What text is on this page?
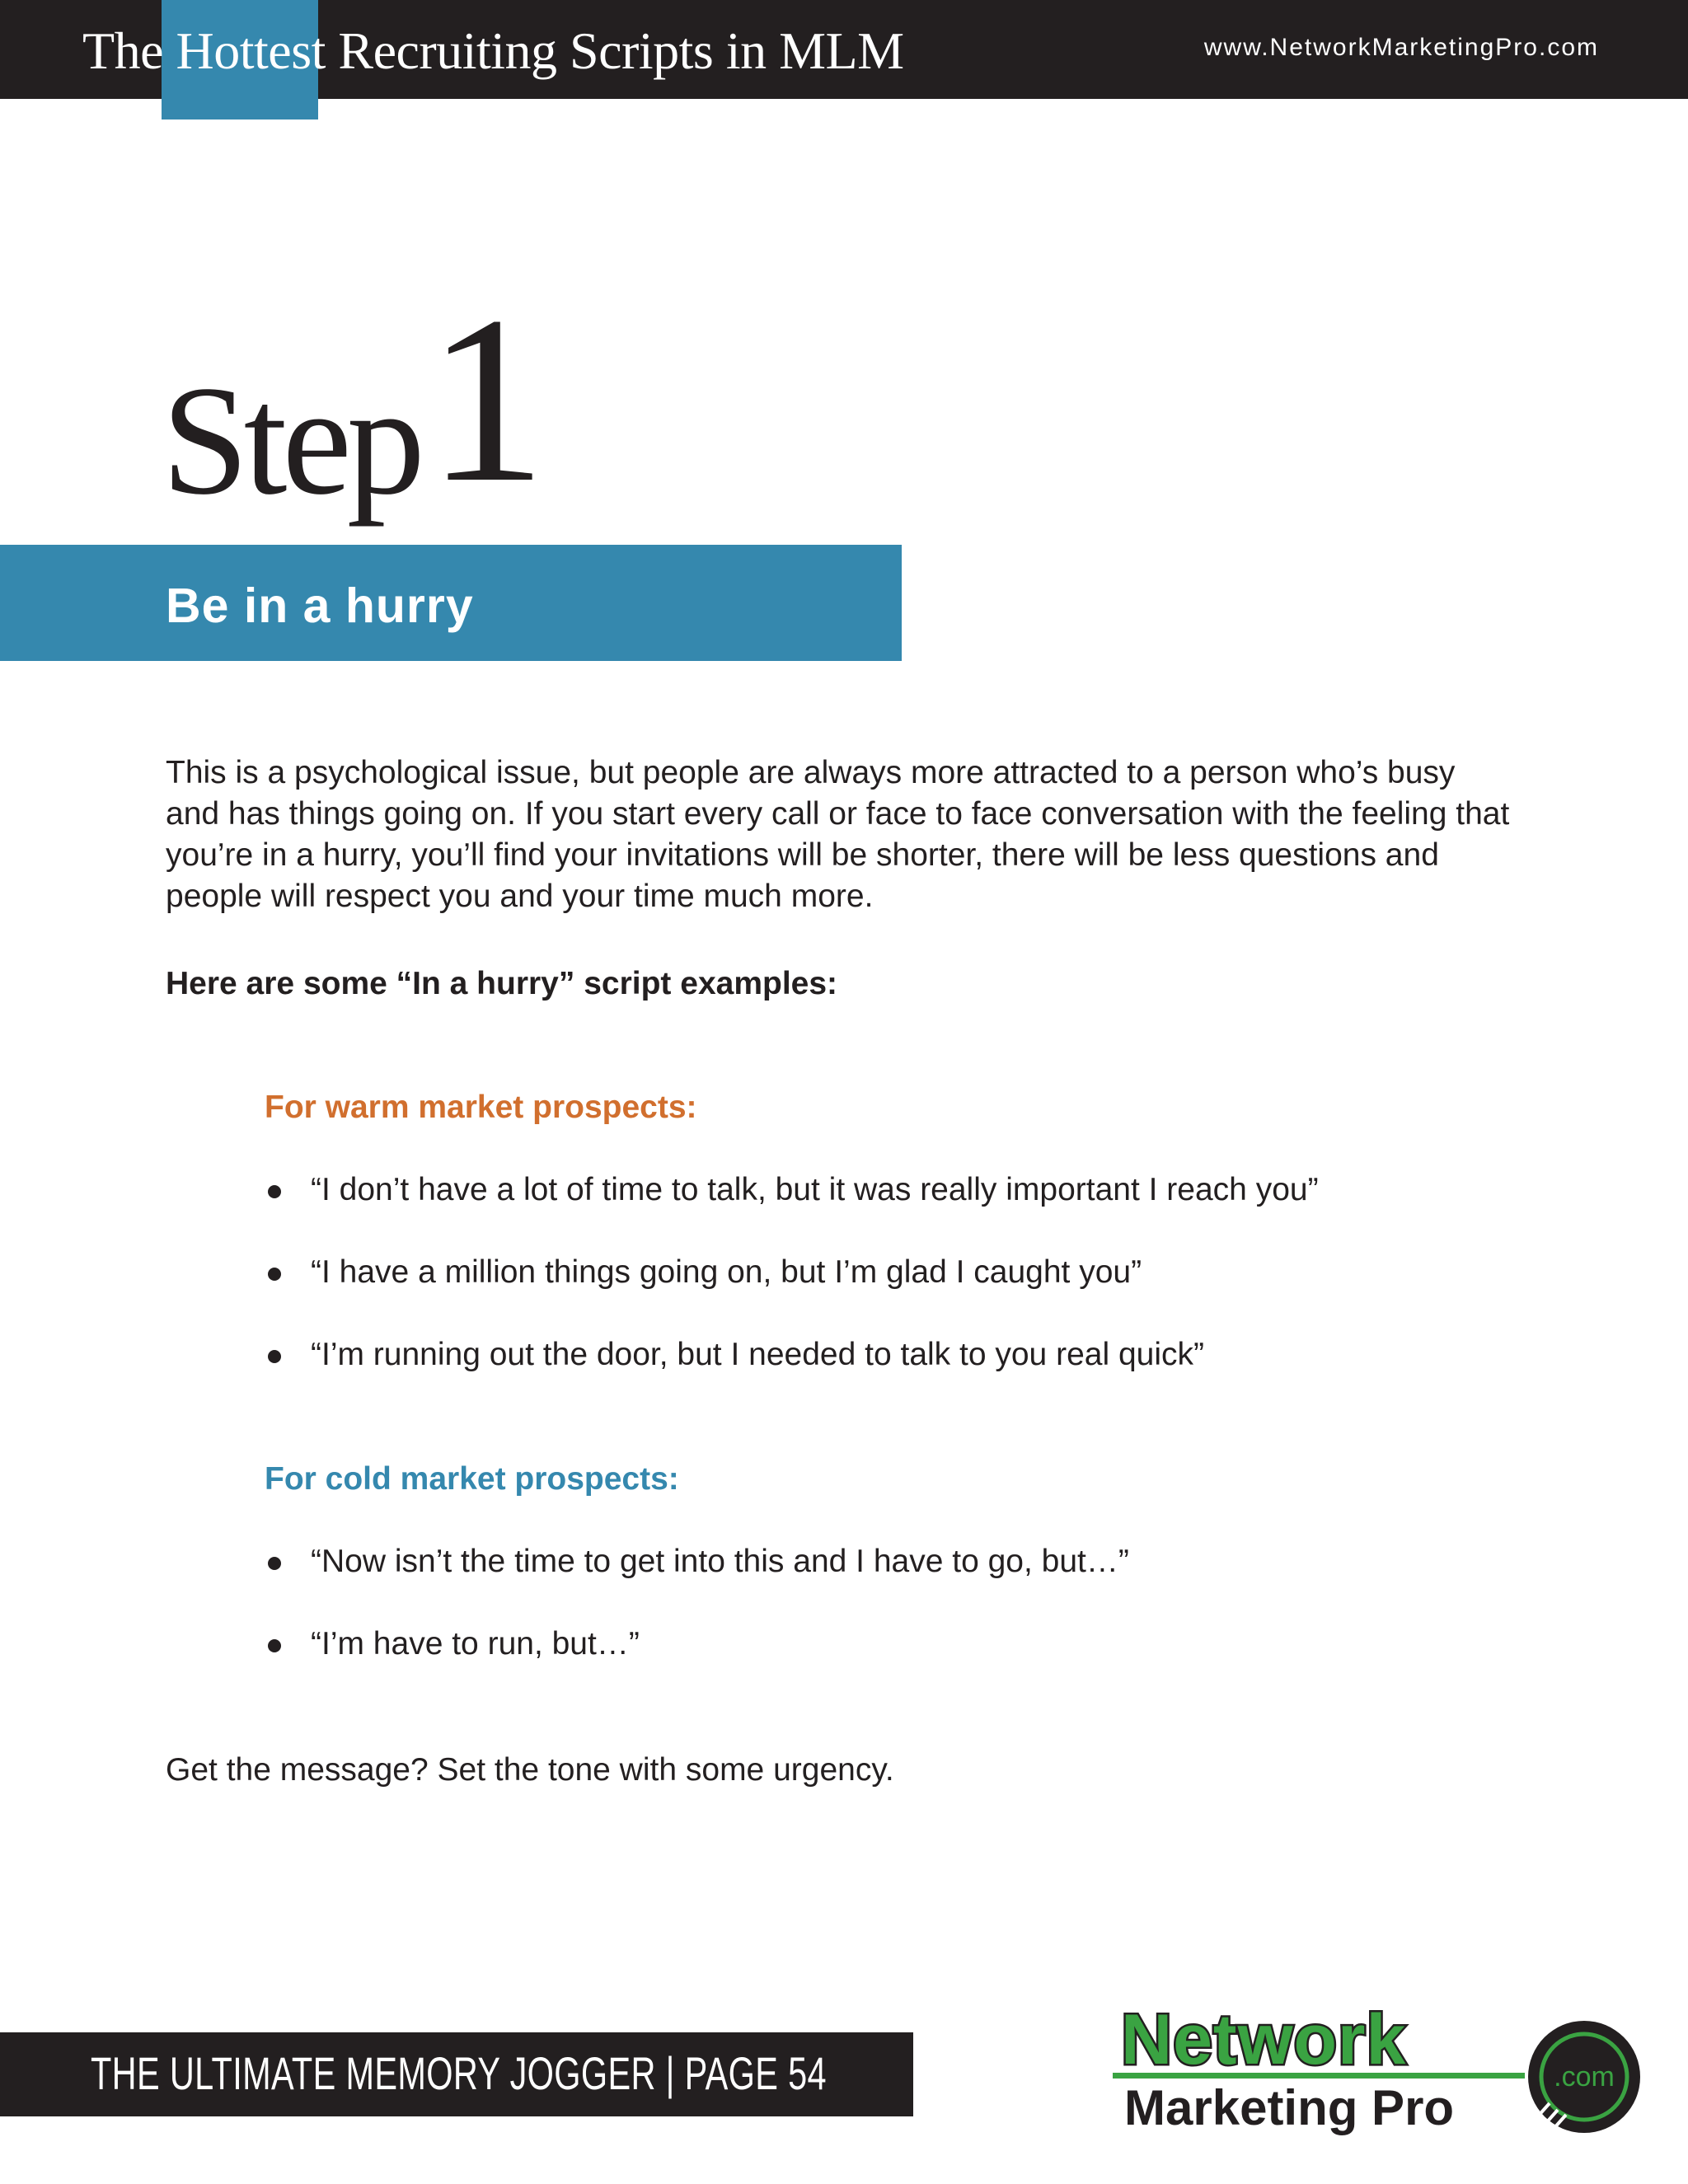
The Hottest Recruiting Scripts in MLM	www.NetworkMarketingPro.com
Step 1
Be in a hurry

This is a psychological issue, but people are always more attracted to a person who’s busy and has things going on. If you start every call or face to face conversation with the feeling that you’re in a hurry, you’ll find your invitations will be shorter, there will be less questions and people will respect you and your time much more.

Here are some “In a hurry” script examples:

For warm market prospects:

“I don’t have a lot of time to talk, but it was really important I reach you”
“I have a million things going on, but I’m glad I caught you”
“I’m running out the door, but I needed to talk to you real quick”

For cold market prospects:

“Now isn’t the time to get into this and I have to go, but…”
“I’m have to run, but…”

Get the message? Set the tone with some urgency.

THE ULTIMATE MEMORY JOGGER | PAGE 54	.com
Network
Marketing Pro
